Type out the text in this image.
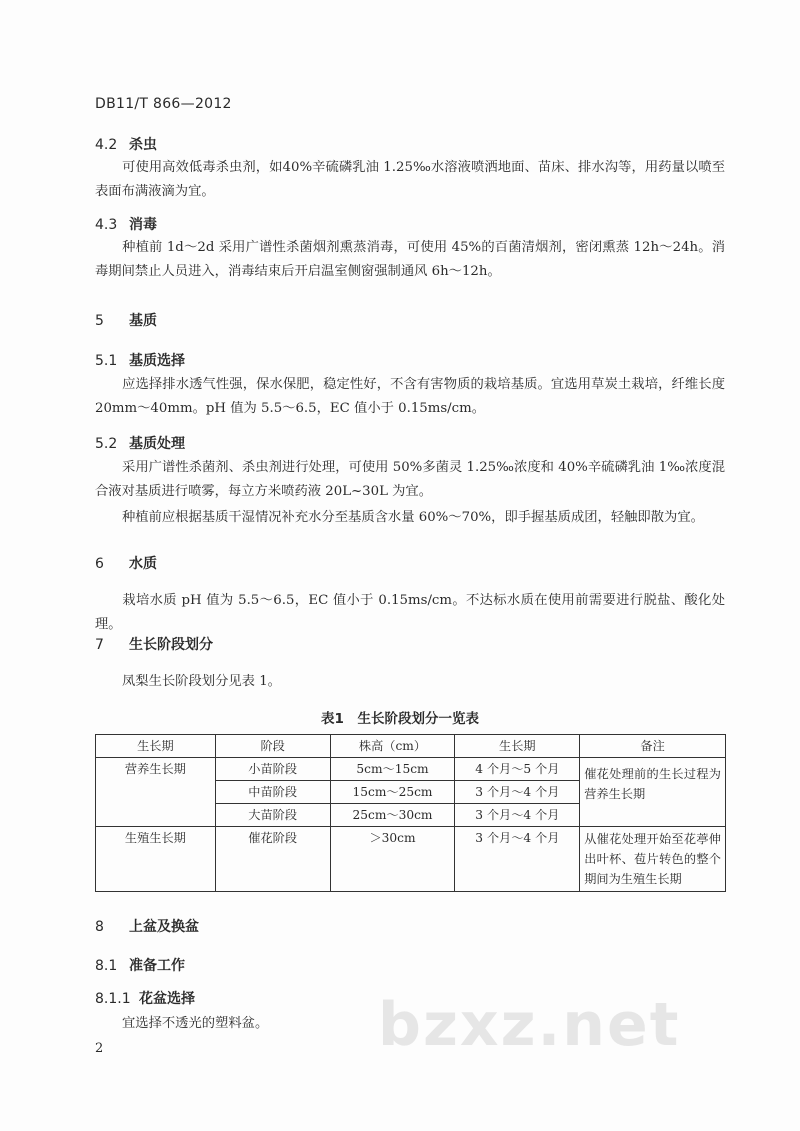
DB11/T 866—2012
4.2 杀虫
可使用高效低毒杀虫剂，如40%辛硫磷乳油 1.25‰水溶液喷洒地面、苗床、排水沟等，用药量以喷至表面布满液滴为宜。
4.3 消毒
种植前 1d～2d 采用广谱性杀菌烟剂熏蒸消毒，可使用 45%的百菌清烟剂，密闭熏蒸 12h～24h。消毒期间禁止人员进入，消毒结束后开启温室侧窗强制通风 6h～12h。
5 基质
5.1 基质选择
应选择排水透气性强，保水保肥，稳定性好，不含有害物质的栽培基质。宜选用草炭土栽培，纤维长度 20mm～40mm。pH 值为 5.5～6.5，EC 值小于 0.15ms/cm。
5.2 基质处理
采用广谱性杀菌剂、杀虫剂进行处理，可使用 50%多菌灵 1.25‰浓度和 40%辛硫磷乳油 1‰浓度混合液对基质进行喷雾，每立方米喷药液 20L~30L 为宜。
种植前应根据基质干湿情况补充水分至基质含水量 60%～70%，即手握基质成团，轻触即散为宜。
6 水质
栽培水质 pH 值为 5.5～6.5，EC 值小于 0.15ms/cm。不达标水质在使用前需要进行脱盐、酸化处理。
7 生长阶段划分
凤梨生长阶段划分见表 1。
表1　生长阶段划分一览表
生长期	阶段	株高（cm）	生长期	备注
营养生长期	小苗阶段	5cm～15cm	4 个月～5 个月	催花处理前的生长过程为营养生长期
	中苗阶段	15cm～25cm	3 个月～4 个月	
	大苗阶段	25cm～30cm	3 个月～4 个月	
生殖生长期	催花阶段	＞30cm	3 个月～4 个月	从催花处理开始至花葶伸出叶杯、苞片转色的整个期间为生殖生长期
8 上盆及换盆
8.1 准备工作
8.1.1 花盆选择
宜选择不透光的塑料盆。	bzxz.net
2
